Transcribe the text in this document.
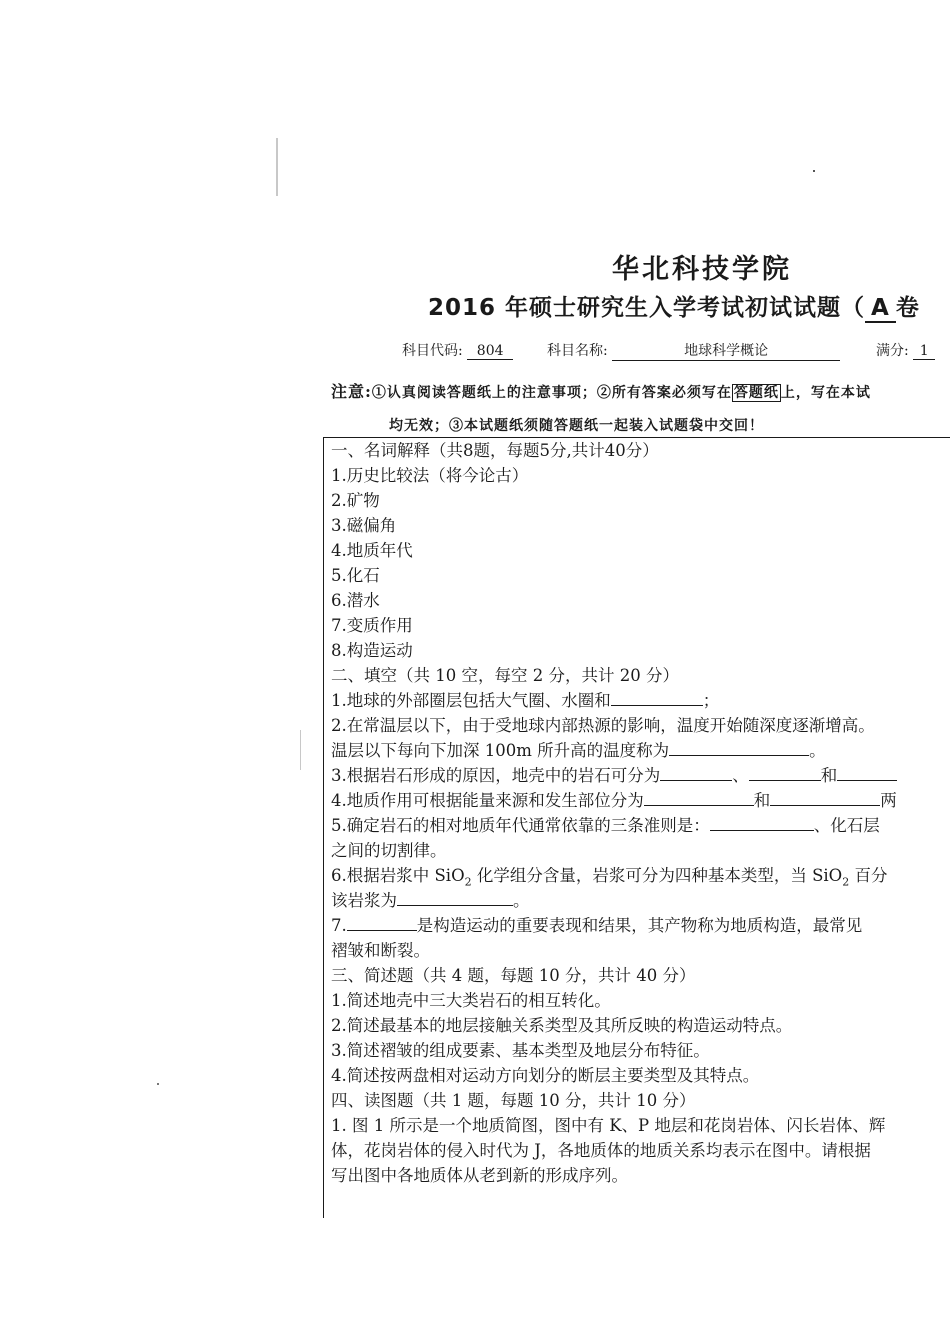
华北科技学院
2016 年硕士研究生入学考试初试试题（ A 卷
科目代码: 804	科目名称:	地球科学概论	满分: 1
注意:①认真阅读答题纸上的注意事项；②所有答案必须写在 答题纸 上，写在本试
均无效；③本试题纸须随答题纸一起装入试题袋中交回！
一、名词解释（共8题，每题5分,共计40分）
1.历史比较法（将今论古）
2.矿物
3.磁偏角
4.地质年代
5.化石
6.潜水
7.变质作用
8.构造运动
二、填空（共 10 空，每空 2 分，共计 20 分）
1.地球的外部圈层包括大气圈、水圈和	；
2.在常温层以下，由于受地球内部热源的影响，温度开始随深度逐渐增高。
温层以下每向下加深 100m 所升高的温度称为	。
3.根据岩石形成的原因，地壳中的岩石可分为	、	和
4.地质作用可根据能量来源和发生部位分为	和	两
5.确定岩石的相对地质年代通常依靠的三条准则是：	、化石层
之间的切割律。
6.根据岩浆中 SiO$_2$ 化学组分含量，岩浆可分为四种基本类型，当 SiO$_2$ 百分
该岩浆为	。
7.	是构造运动的重要表现和结果，其产物称为地质构造，最常见
褶皱和断裂。
三、简述题（共 4 题，每题 10 分，共计 40 分）
1.简述地壳中三大类岩石的相互转化。
2.简述最基本的地层接触关系类型及其所反映的构造运动特点。
3.简述褶皱的组成要素、基本类型及地层分布特征。
4.简述按两盘相对运动方向划分的断层主要类型及其特点。
四、读图题（共 1 题，每题 10 分，共计 10 分）
1. 图 1 所示是一个地质简图，图中有 K、P 地层和花岗岩体、闪长岩体、辉
体，花岗岩体的侵入时代为 J，各地质体的地质关系均表示在图中。请根据
写出图中各地质体从老到新的形成序列。
